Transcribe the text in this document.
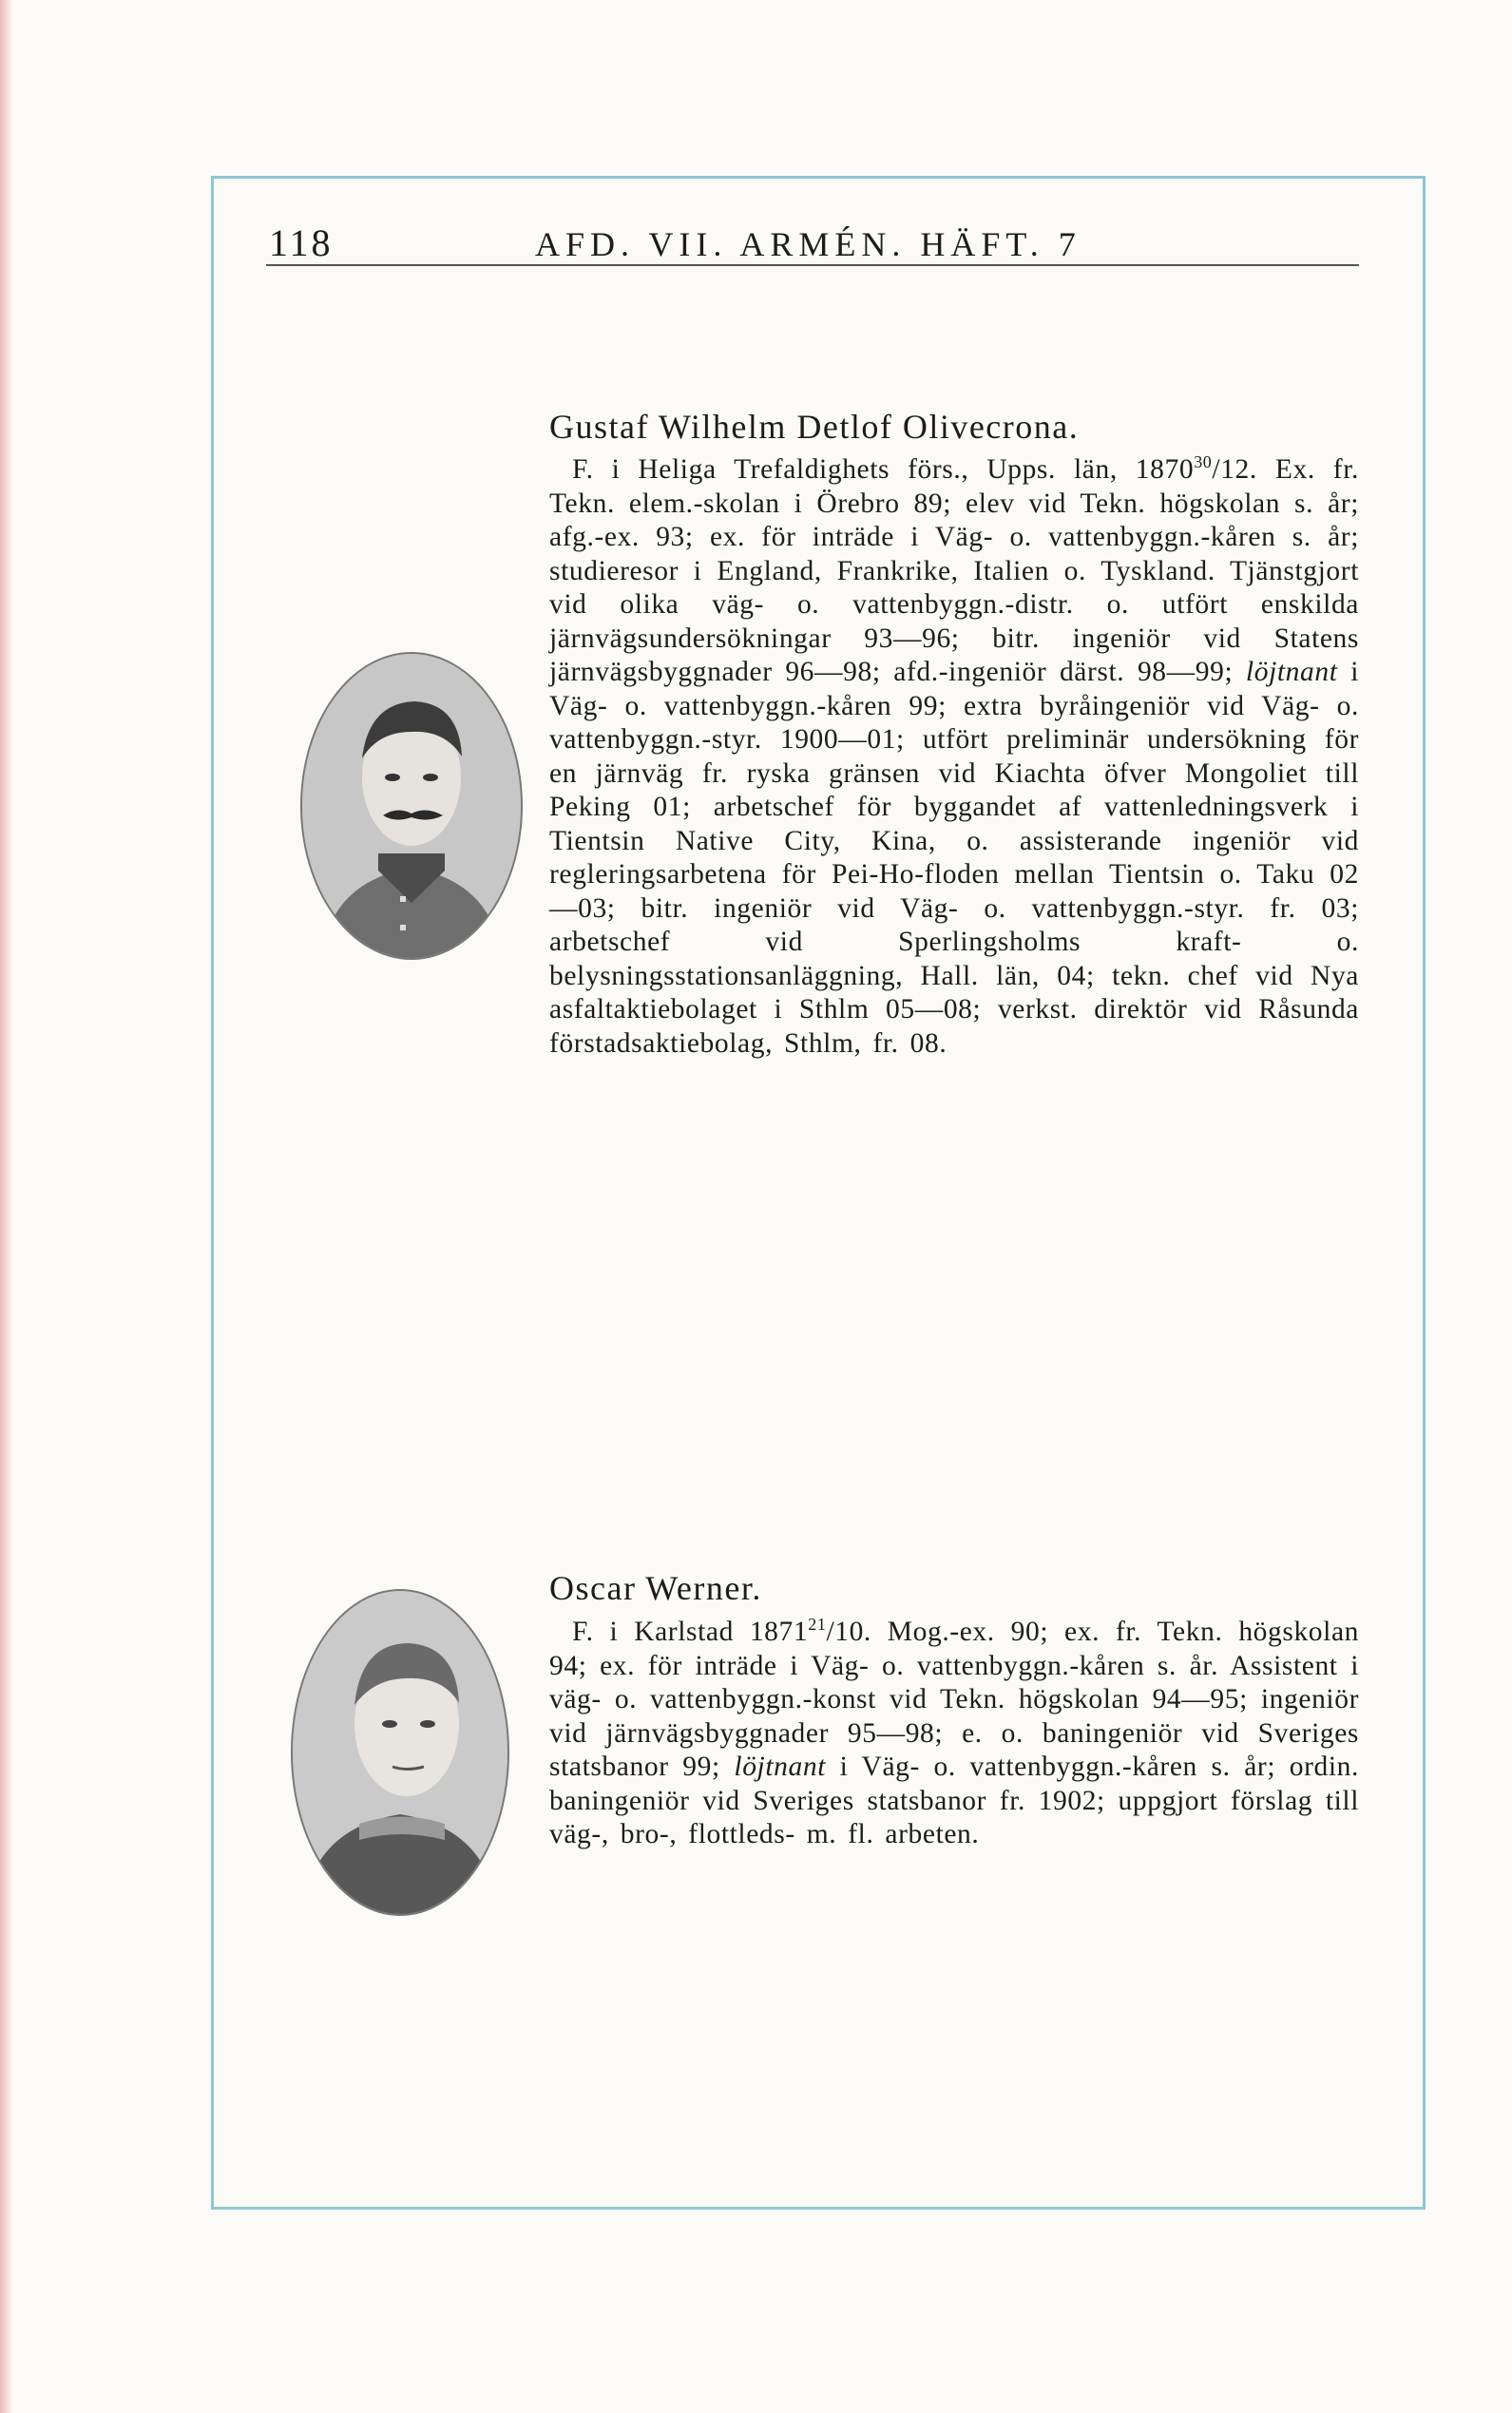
118	AFD. VII. ARMÉN. HÄFT. 7
Gustaf Wilhelm Detlof Olivecrona.

F. i Heliga Trefaldighets förs., Upps. län, 1870$^{30}$/12. Ex. fr. Tekn. elem.-skolan i Örebro 89; elev vid Tekn. högskolan s. år; afg.-ex. 93; ex. för inträde i Väg- o. vattenbyggn.-kåren s. år; studieresor i England, Frankrike, Italien o. Tyskland. Tjänstgjort vid olika väg- o. vattenbyggn.-distr. o. utfört enskilda järnvägsundersökningar 93—96; bitr. ingeniör vid Statens järnvägsbyggnader 96—98; afd.-ingeniör därst. 98—99; löjtnant i Väg- o. vattenbyggn.-kåren 99; extra byråingeniör vid Väg- o. vattenbyggn.-styr. 1900—01; utfört preliminär undersökning för en järnväg fr. ryska gränsen vid Kiachta öfver Mongoliet till Peking 01; arbetschef för byggandet af vattenledningsverk i Tientsin Native City, Kina, o. assisterande ingeniör vid regleringsarbetena för Pei-Ho-floden mellan Tientsin o. Taku 02—03; bitr. ingeniör vid Väg- o. vattenbyggn.-styr. fr. 03; arbetschef vid Sperlingsholms kraft- o. belysningsstationsanläggning, Hall. län, 04; tekn. chef vid Nya asfaltaktiebolaget i Sthlm 05—08; verkst. direktör vid Råsunda förstadsaktiebolag, Sthlm, fr. 08.

Oscar Werner.

F. i Karlstad 1871$^{21}$/10. Mog.-ex. 90; ex. fr. Tekn. högskolan 94; ex. för inträde i Väg- o. vattenbyggn.-kåren s. år. Assistent i väg- o. vattenbyggn.-konst vid Tekn. högskolan 94—95; ingeniör vid järnvägsbyggnader 95—98; e. o. baningeniör vid Sveriges statsbanor 99; löjtnant i Väg- o. vattenbyggn.-kåren s. år; ordin. baningeniör vid Sveriges statsbanor fr. 1902; uppgjort förslag till väg-, bro-, flottleds- m. fl. arbeten.
